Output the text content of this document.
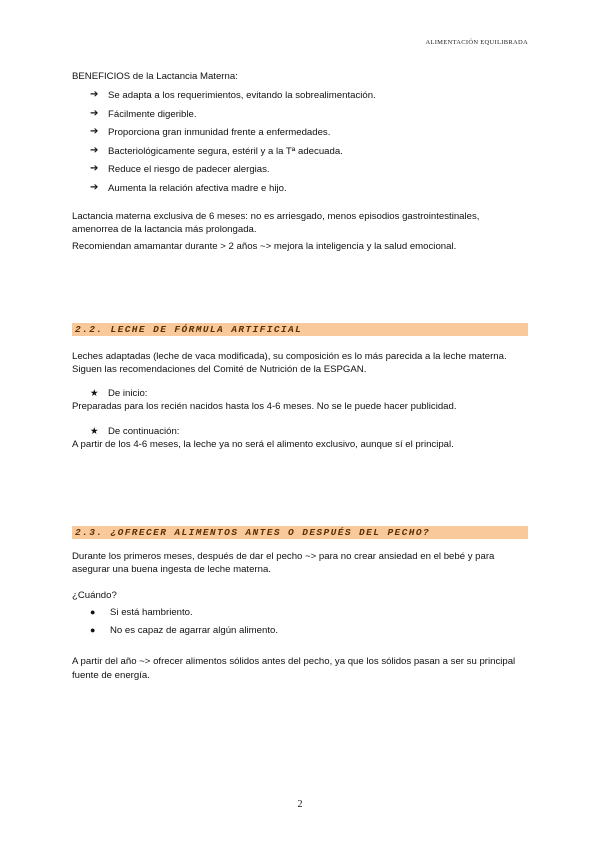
ALIMENTACIÓN EQUILIBRADA

BENEFICIOS de la Lactancia Materna:

➔	Se adapta a los requerimientos, evitando la sobrealimentación.
➔	Fácilmente digerible.
➔	Proporciona gran inmunidad frente a enfermedades.
➔	Bacteriológicamente segura, estéril y a la Tª adecuada.
➔	Reduce el riesgo de padecer alergias.
➔	Aumenta la relación afectiva madre e hijo.

Lactancia materna exclusiva de 6 meses: no es arriesgado, menos episodios gastrointestinales, amenorrea de la lactancia más prolongada.

Recomiendan amamantar durante > 2 años ~> mejora la inteligencia y la salud emocional.

2.2. LECHE DE FÓRMULA ARTIFICIAL

Leches adaptadas (leche de vaca modificada), su composición es lo más parecida a la leche materna.

Siguen las recomendaciones del Comité de Nutrición de la ESPGAN.

★ De inicio:

Preparadas para los recién nacidos hasta los 4-6 meses. No se le puede hacer publicidad.

★ De continuación:

A partir de los 4-6 meses, la leche ya no será el alimento exclusivo, aunque sí el principal.

2.3. ¿OFRECER ALIMENTOS ANTES O DESPUÉS DEL PECHO?

Durante los primeros meses, después de dar el pecho ~> para no crear ansiedad en el bebé y para asegurar una buena ingesta de leche materna.

¿Cuándo?

●	Si está hambriento.
●	No es capaz de agarrar algún alimento.

A partir del año ~> ofrecer alimentos sólidos antes del pecho, ya que los sólidos pasan a ser su principal fuente de energía.

2
